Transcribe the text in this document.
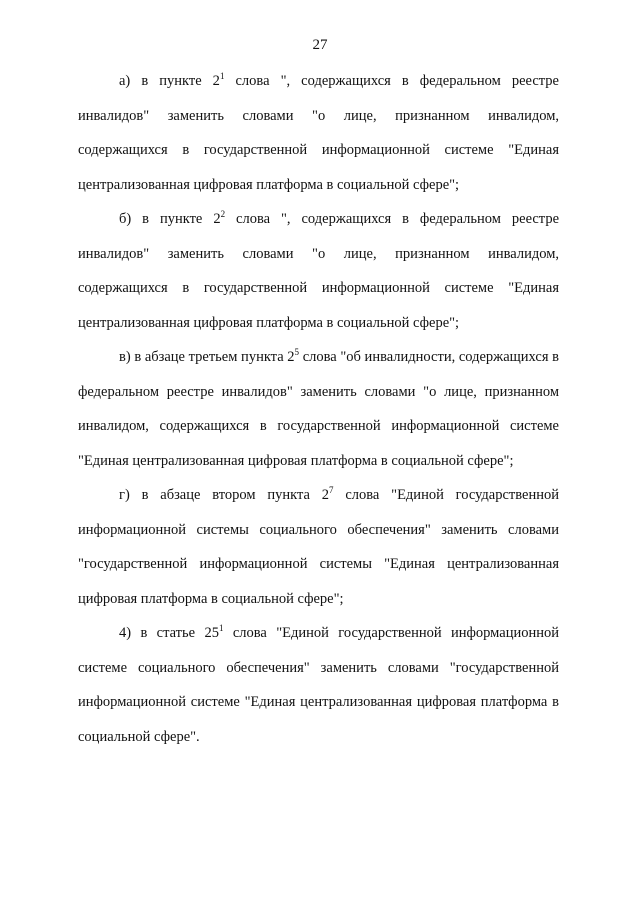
27

а) в пункте $2^1$ слова ", содержащихся в федеральном реестре инвалидов" заменить словами "о лице, признанном инвалидом, содержащихся в государственной информационной системе "Единая централизованная цифровая платформа в социальной сфере";

б) в пункте $2^2$ слова ", содержащихся в федеральном реестре инвалидов" заменить словами "о лице, признанном инвалидом, содержащихся в государственной информационной системе "Единая централизованная цифровая платформа в социальной сфере";

в) в абзаце третьем пункта $2^5$ слова "об инвалидности, содержащихся в федеральном реестре инвалидов" заменить словами "о лице, признанном инвалидом, содержащихся в государственной информационной системе "Единая централизованная цифровая платформа в социальной сфере";

г) в абзаце втором пункта $2^7$ слова "Единой государственной информационной системы социального обеспечения" заменить словами "государственной информационной системы "Единая централизованная цифровая платформа в социальной сфере";

4) в статье $25^1$ слова "Единой государственной информационной системе социального обеспечения" заменить словами "государственной информационной системе "Единая централизованная цифровая платформа в социальной сфере".
